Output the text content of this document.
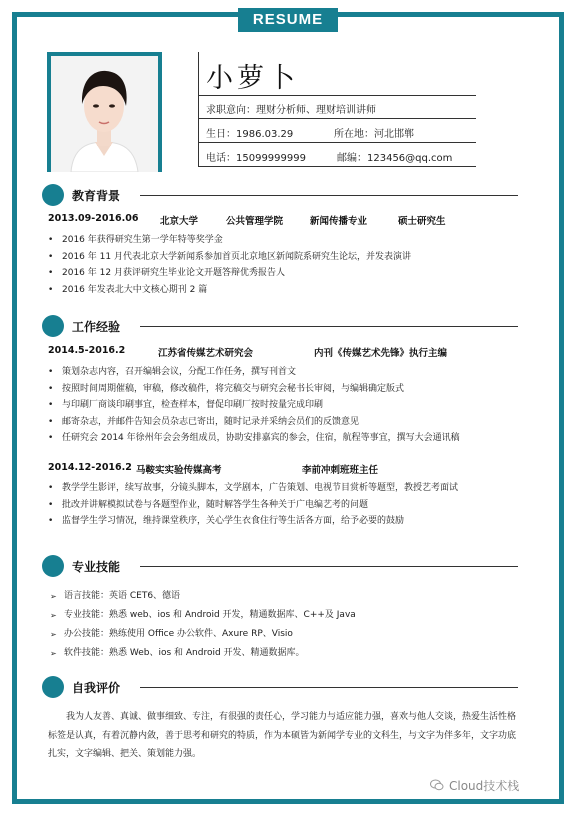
RESUME
小萝卜
求职意向：理财分析师、理财培训讲师
生日：1986.03.29	所在地：河北邯郸
电话：15099999999	邮编：123456@qq.com
教育背景
2013.09-2016.06 北京大学	公共管理学院	新闻传播专业	硕士研究生
• 2016 年获得研究生第一学年特等奖学金
• 2016 年 11 月代表北京大学新闻系参加首页北京地区新闻院系研究生论坛，并发表演讲
• 2016 年 12 月获评研究生毕业论文开题答辩优秀报告人
• 2016 年发表北大中文核心期刊 2 篇
工作经验
2014.5-2016.2	江苏省传媒艺术研究会	内刊《传媒艺术先锋》执行主编
• 策划杂志内容，召开编辑会议，分配工作任务，撰写刊首文
• 按照时间周期催稿，审稿，修改稿件，将完稿交与研究会秘书长审阅，与编辑确定版式
• 与印刷厂商谈印刷事宜，检查样本，督促印刷厂按时按量完成印刷
• 邮寄杂志，并邮件告知会员杂志已寄出，随时记录并采纳会员们的反馈意见
• 任研究会 2014 年徐州年会会务组成员，协助安排嘉宾的参会，住宿，航程等事宜，撰写大会通讯稿
2014.12-2016.2 马鞍实实验传媒高考	李前冲刺班班主任
• 教学学生影评，续写故事，分镜头脚本，文学剧本，广告策划、电视节目赏析等题型，教授艺考面试
• 批改并讲解模拟试卷与各题型作业，随时解答学生各种关于广电编艺考的问题
• 监督学生学习情况，维持课堂秩序，关心学生衣食住行等生活各方面，给予必要的鼓励
专业技能
➢ 语言技能：英语 CET6、德语
➢ 专业技能：熟悉 web、ios 和 Android 开发，精通数据库、C++及 Java
➢ 办公技能：熟练使用 Office 办公软件、Axure RP、Visio
➢ 软件技能：熟悉 Web、ios 和 Android 开发、精通数据库。
自我评价
我为人友善、真诚、做事细致、专注，有很强的责任心，学习能力与适应能力强，喜欢与他人交谈，热爱生活性格标签是认真，有着沉静内敛，善于思考和研究的特质，作为本硕皆为新闻学专业的文科生，与文字为伴多年，文字功底扎实，文字编辑、把关、策划能力强。
Cloud技术栈
